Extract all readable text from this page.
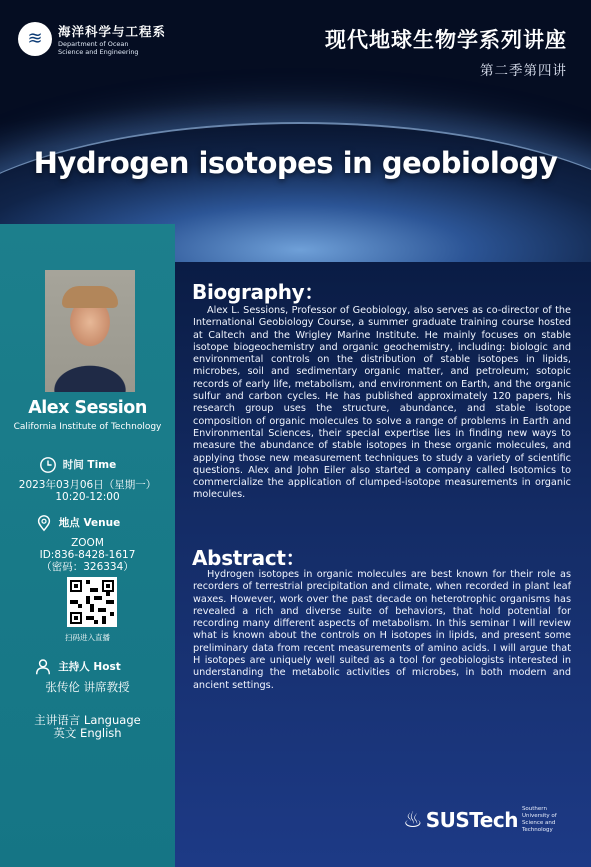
≋ 海洋科学与工程系
Department of Ocean Science and Engineering	现代地球生物学系列讲座
第二季第四讲
Hydrogen isotopes in geobiology
Alex Session
California Institute of Technology
时间 Time
2023年03月06日（星期一）
10:20-12:00
地点 Venue
ZOOM
ID:836-8428-1617
（密码：326334）
扫码进入直播
主持人 Host
张传伦 讲席教授
主讲语言 Language
英文 English
Biography：
Alex L. Sessions, Professor of Geobiology, also serves as co-director of the International Geobiology Course, a summer graduate training course hosted at Caltech and the Wrigley Marine Institute. He mainly focuses on stable isotope biogeochemistry and organic geochemistry, including: biologic and environmental controls on the distribution of stable isotopes in lipids, microbes, soil and sedimentary organic matter, and petroleum; sotopic records of early life, metabolism, and environment on Earth, and the organic sulfur and carbon cycles. He has published approximately 120 papers, his research group uses the structure, abundance, and stable isotope composition of organic molecules to solve a range of problems in Earth and Environmental Sciences, their special expertise lies in finding new ways to measure the abundance of stable isotopes in these organic molecules, and applying those new measurement techniques to study a variety of scientific questions. Alex and John Eiler also started a company called Isotomics to commercialize the application of clumped-isotope measurements in organic molecules.
Abstract：
Hydrogen isotopes in organic molecules are best known for their role as recorders of terrestrial precipitation and climate, when recorded in plant leaf waxes. However, work over the past decade on heterotrophic organisms has revealed a rich and diverse suite of behaviors, that hold potential for recording many different aspects of metabolism. In this seminar I will review what is known about the controls on H isotopes in lipids, and present some preliminary data from recent measurements of amino acids. I will argue that H isotopes are uniquely well suited as a tool for geobiologists interested in understanding the metabolic activities of microbes, in both modern and ancient settings.
♨ SUSTech Southern University of Science and Technology
